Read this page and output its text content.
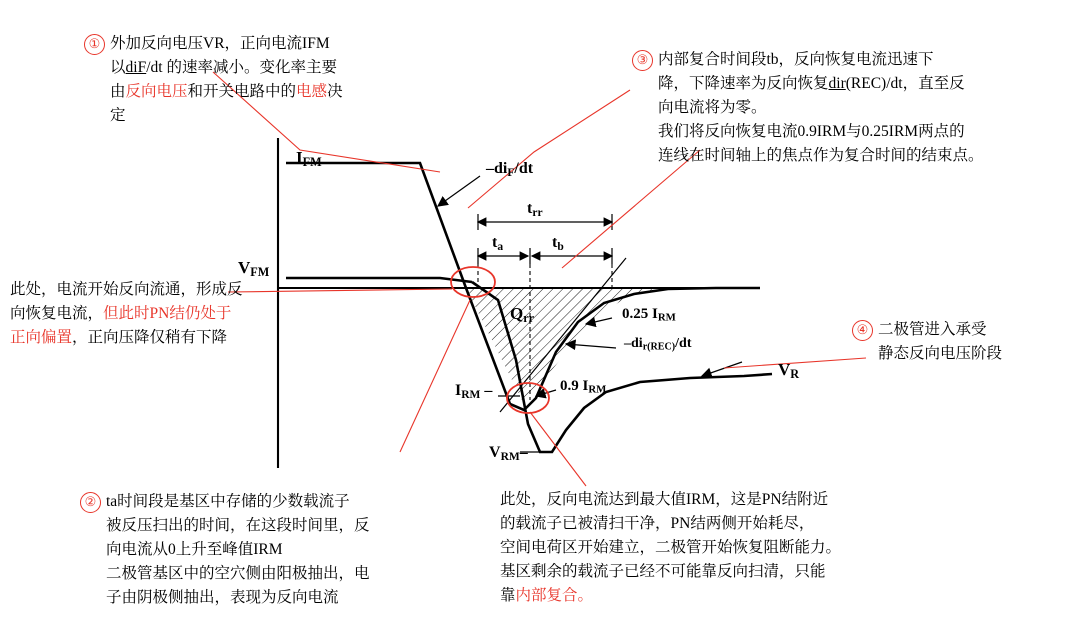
$I_{FM}$
$V_{FM}$
$I_{RM}$ –
$V_{RM}-$
$V_R$
$-di_F/dt$
$t_{rr}$
$t_a$	$t_b$
$Q_{rr}$	0.25 $I_{RM}$
0.9 $I_{RM}$
$-di_{r(REC)}/dt$
① 外加反向电压VR，正向电流IFM
以diF/dt 的速率减小。变化率主要
由反向电压和开关电路中的电感决
定
③ 内部复合时间段tb，反向恢复电流迅速下
降，下降速率为反向恢复dir(REC)/dt，直至反
向电流将为零。
我们将反向恢复电流0.9IRM与0.25IRM两点的
连线在时间轴上的焦点作为复合时间的结束点。
此处，电流开始反向流通，形成反
向恢复电流，但此时PN结仍处于
正向偏置，正向压降仅稍有下降	④ 二极管进入承受
静态反向电压阶段
② ta时间段是基区中存储的少数载流子
被反压扫出的时间，在这段时间里，反
向电流从0上升至峰值IRM
二极管基区中的空穴侧由阳极抽出，电
子由阴极侧抽出，表现为反向电流
此处，反向电流达到最大值IRM，这是PN结附近
的载流子已被清扫干净，PN结两侧开始耗尽，
空间电荷区开始建立，二极管开始恢复阻断能力。
基区剩余的载流子已经不可能靠反向扫清，只能
靠内部复合。
